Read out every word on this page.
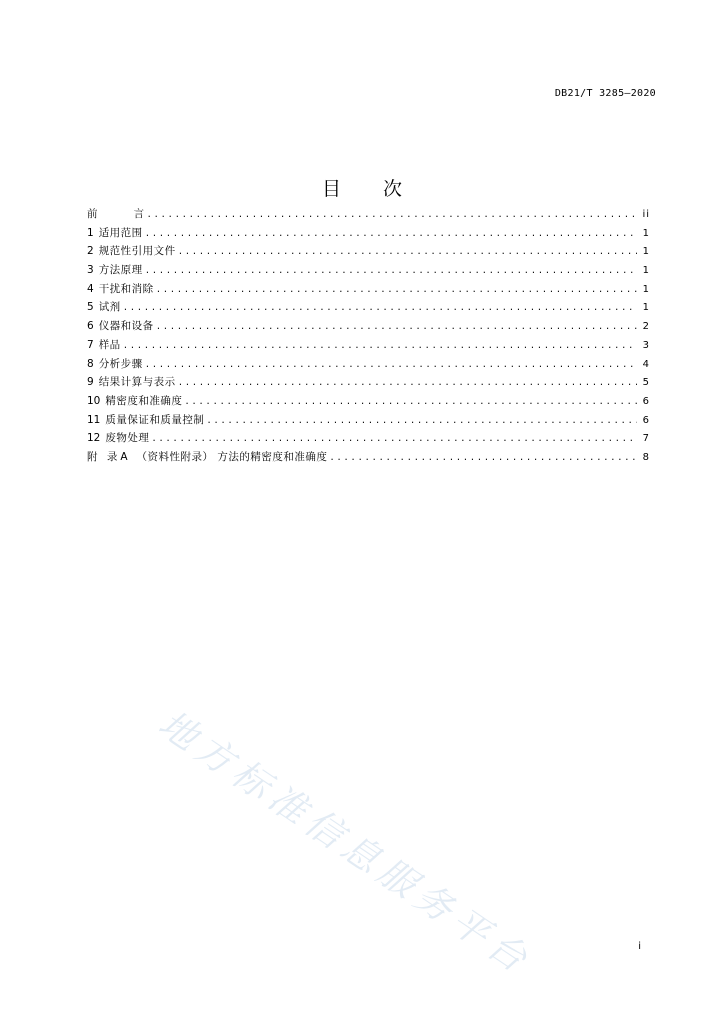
DB21/T 3285—2020
目 次
前	言 .....	ii
1 适用范围 .....	1
2 规范性引用文件 .....	1
3 方法原理 .....	1
4 干扰和消除 .....	1
5 试剂 .....	1
6 仪器和设备 .....	2
7 样品 .....	3
8 分析步骤 .....	4
9 结果计算与表示 .....	5
10 精密度和准确度 .....	6
11 质量保证和质量控制 .....	6
12 废物处理 .....	7
附 录A （资料性附录） 方法的精密度和准确度 .....	8
地方标准信息服务平台	i
